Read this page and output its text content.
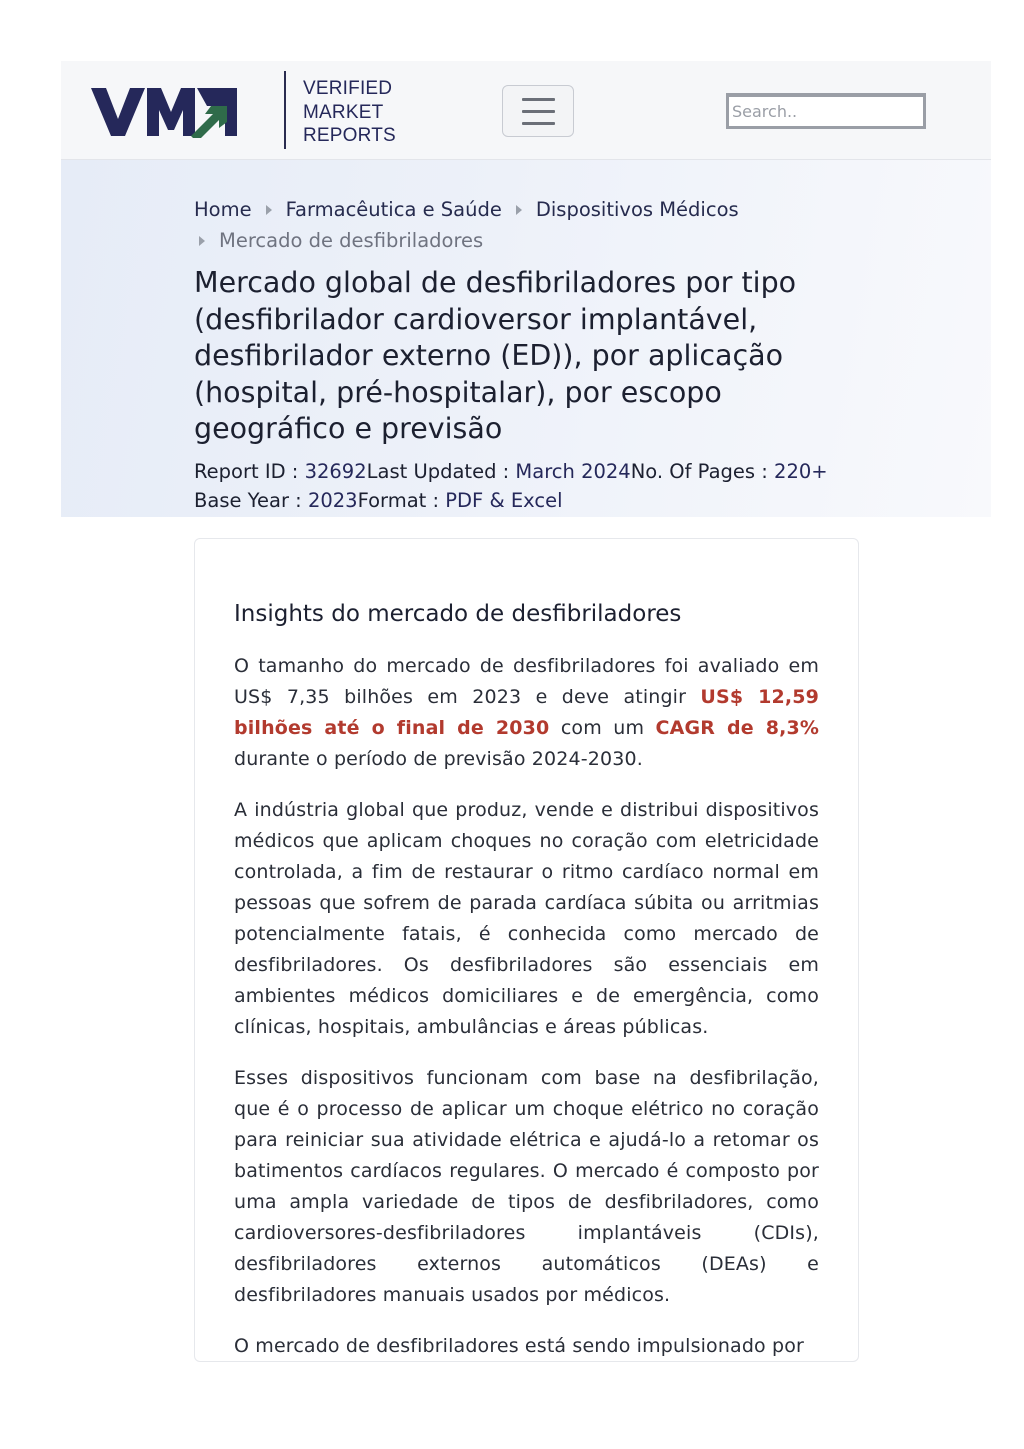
VERIFIED
MARKET
REPORTS
Search..
Home Farmacêutica e Saúde Dispositivos Médicos
Mercado de desfibriladores
Mercado global de desfibriladores por tipo (desfibrilador cardioversor implantável, desfibrilador externo (ED)), por aplicação (hospital, pré-hospitalar), por escopo geográfico e previsão
Report ID : 32692Last Updated : March 2024No. Of Pages : 220+
Base Year : 2023Format : PDF & Excel
Insights do mercado de desfibriladores

O tamanho do mercado de desfibriladores foi avaliado em US$ 7,35 bilhões em 2023 e deve atingir US$ 12,59 bilhões até o final de 2030 com um CAGR de 8,3% durante o período de previsão 2024-2030.

A indústria global que produz, vende e distribui dispositivos médicos que aplicam choques no coração com eletricidade controlada, a fim de restaurar o ritmo cardíaco normal em pessoas que sofrem de parada cardíaca súbita ou arritmias potencialmente fatais, é conhecida como mercado de desfibriladores. Os desfibriladores são essenciais em ambientes médicos domiciliares e de emergência, como clínicas, hospitais, ambulâncias e áreas públicas.

Esses dispositivos funcionam com base na desfibrilação, que é o processo de aplicar um choque elétrico no coração para reiniciar sua atividade elétrica e ajudá-lo a retomar os batimentos cardíacos regulares. O mercado é composto por uma ampla variedade de tipos de desfibriladores, como cardioversores-desfibriladores implantáveis (CDIs), desfibriladores externos automáticos (DEAs) e desfibriladores manuais usados por médicos.

O mercado de desfibriladores está sendo impulsionado por
